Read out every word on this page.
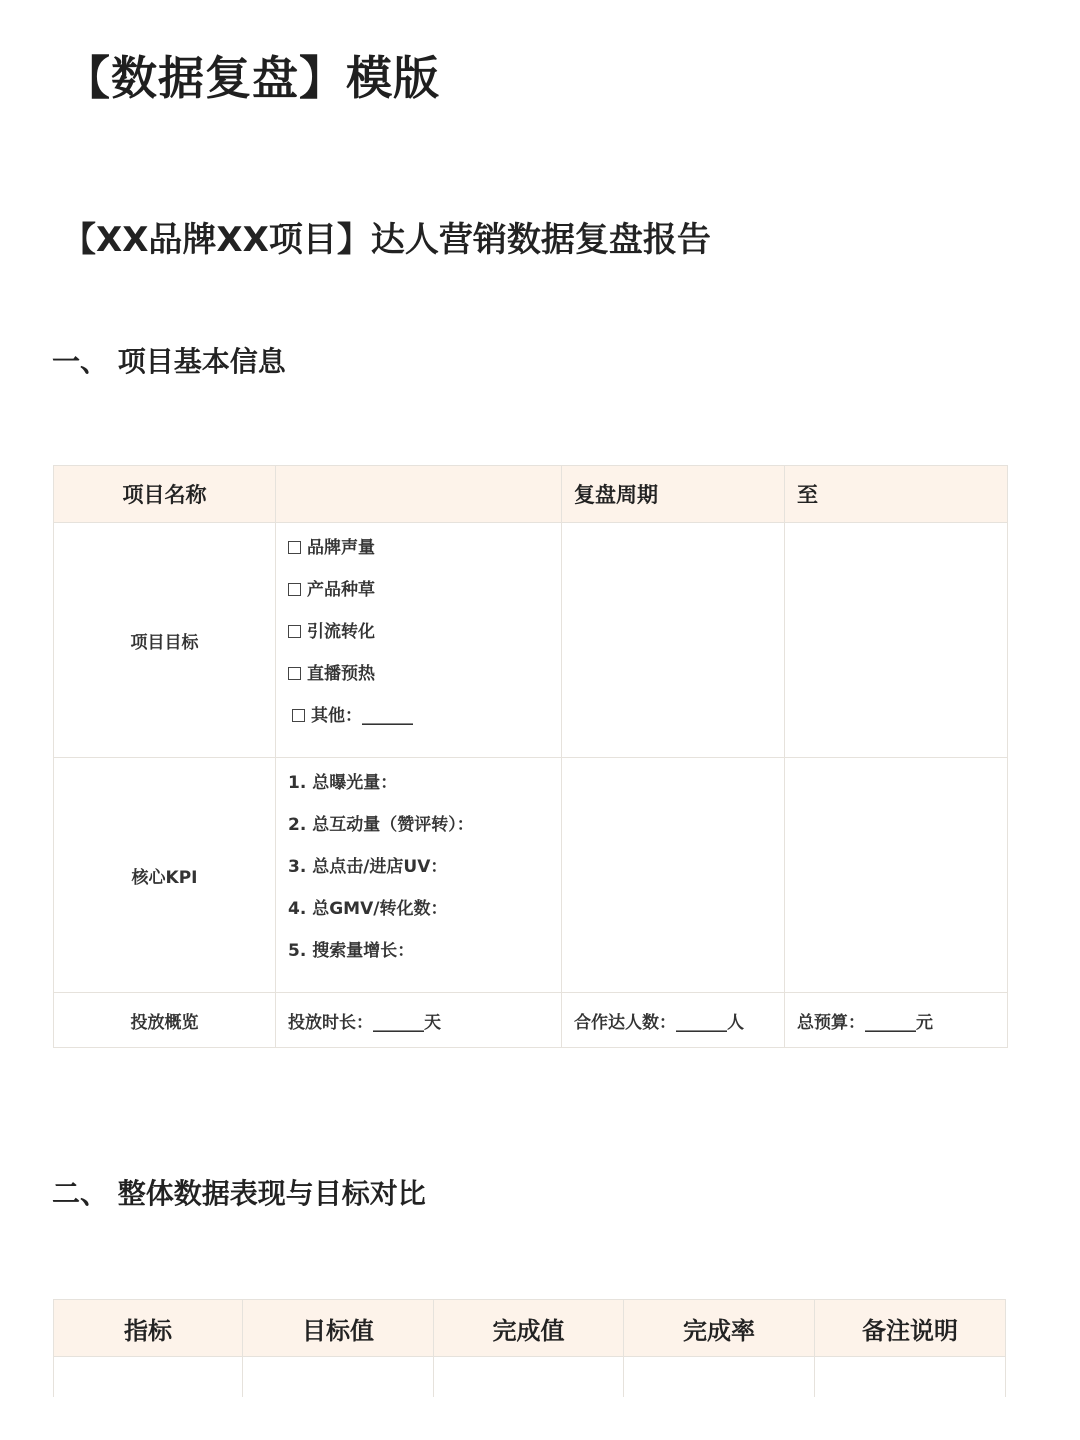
【数据复盘】模版
【XX品牌XX项目】达人营销数据复盘报告
一、 项目基本信息
项目名称		复盘周期	至
项目目标	品牌声量
产品种草
引流转化
直播预热
其他：______		

核心KPI	1. 总曝光量：
2. 总互动量（赞评转）：
3. 总点击/进店UV：
4. 总GMV/转化数：
5. 搜索量增长：		

投放概览	投放时长：______天	合作达人数：______人	总预算：______元
二、 整体数据表现与目标对比
指标	目标值	完成值	完成率	备注说明
